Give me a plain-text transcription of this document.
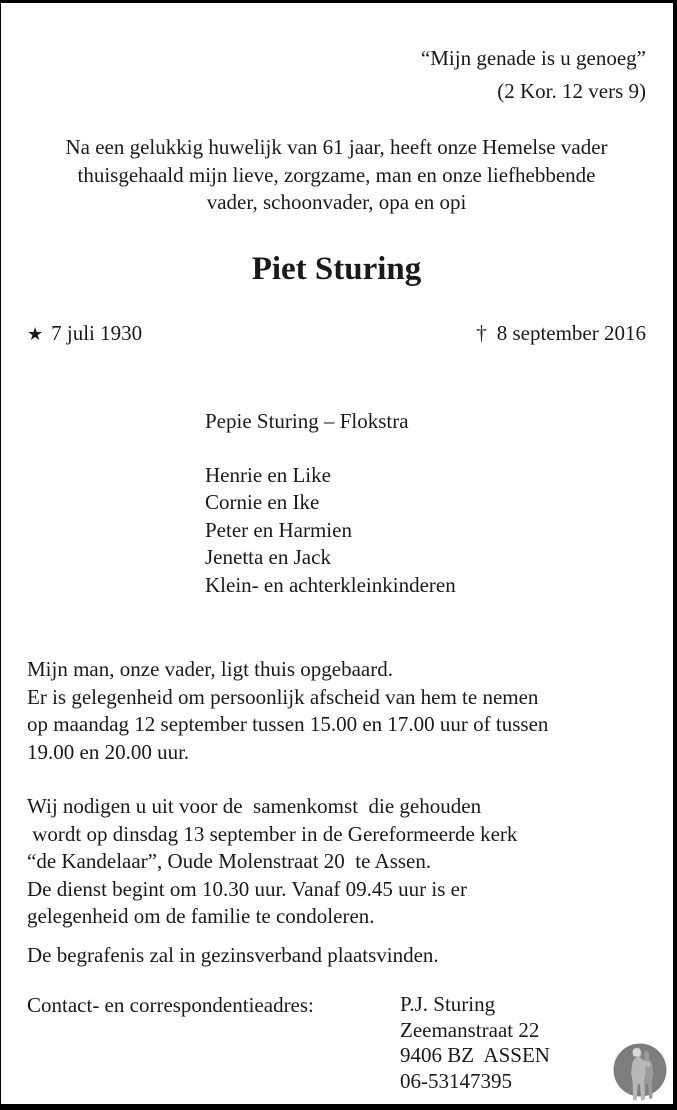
“Mijn genade is u genoeg”
(2 Kor. 12 vers 9)
Na een gelukkig huwelijk van 61 jaar, heeft onze Hemelse vader
thuisgehaald mijn lieve, zorgzame, man en onze liefhebbende
vader, schoonvader, opa en opi
Piet Sturing
★ 7 juli 1930	† 8 september 2016
Pepie Sturing – Flokstra
Henrie en Like
Cornie en Ike
Peter en Harmien
Jenetta en Jack
Klein- en achterkleinkinderen
Mijn man, onze vader, ligt thuis opgebaard.
Er is gelegenheid om persoonlijk afscheid van hem te nemen
op maandag 12 september tussen 15.00 en 17.00 uur of tussen
19.00 en 20.00 uur.
Wij nodigen u uit voor de  samenkomst  die gehouden
wordt op dinsdag 13 september in de Gereformeerde kerk
“de Kandelaar”, Oude Molenstraat 20  te Assen.
De dienst begint om 10.30 uur. Vanaf 09.45 uur is er
gelegenheid om de familie te condoleren.
De begrafenis zal in gezinsverband plaatsvinden.
Contact- en correspondentieadres:	P.J. Sturing
Zeemanstraat 22
9406 BZ  ASSEN
06-53147395
